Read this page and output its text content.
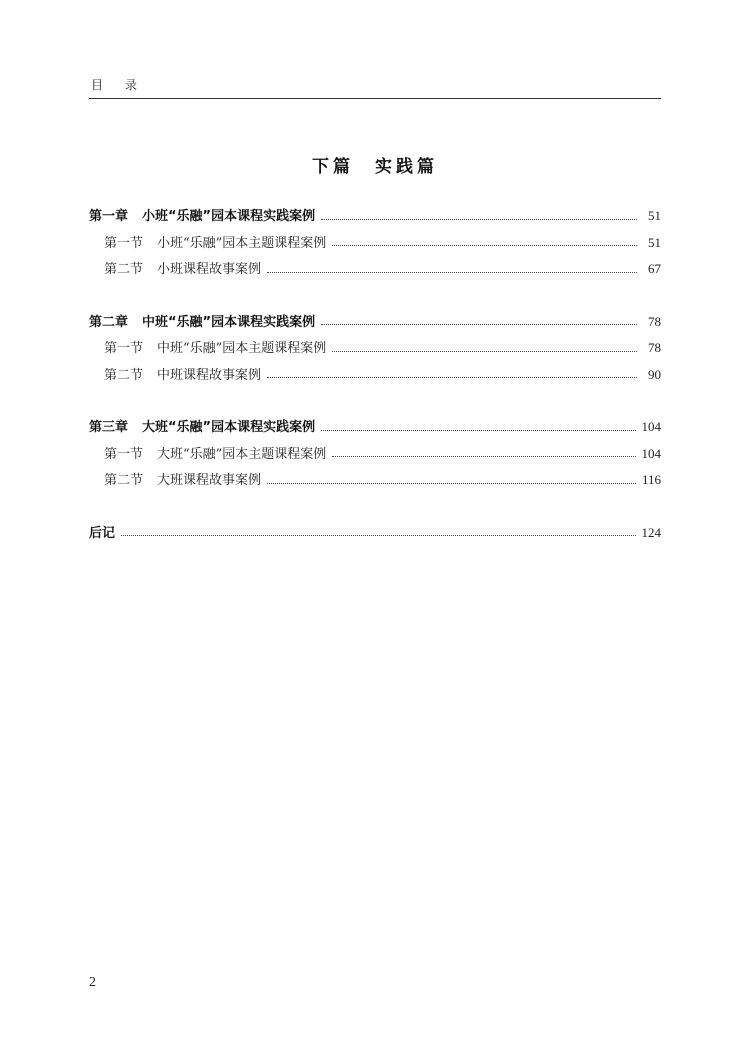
目 录
下篇　实践篇
第一章 小班“乐融”园本课程实践案例	51
第一节 小班“乐融”园本主题课程案例	51
第二节 小班课程故事案例	67
第二章 中班“乐融”园本课程实践案例	78
第一节 中班“乐融”园本主题课程案例	78
第二节 中班课程故事案例	90
第三章 大班“乐融”园本课程实践案例	104
第一节 大班“乐融”园本主题课程案例	104
第二节 大班课程故事案例	116
后记	124
2
